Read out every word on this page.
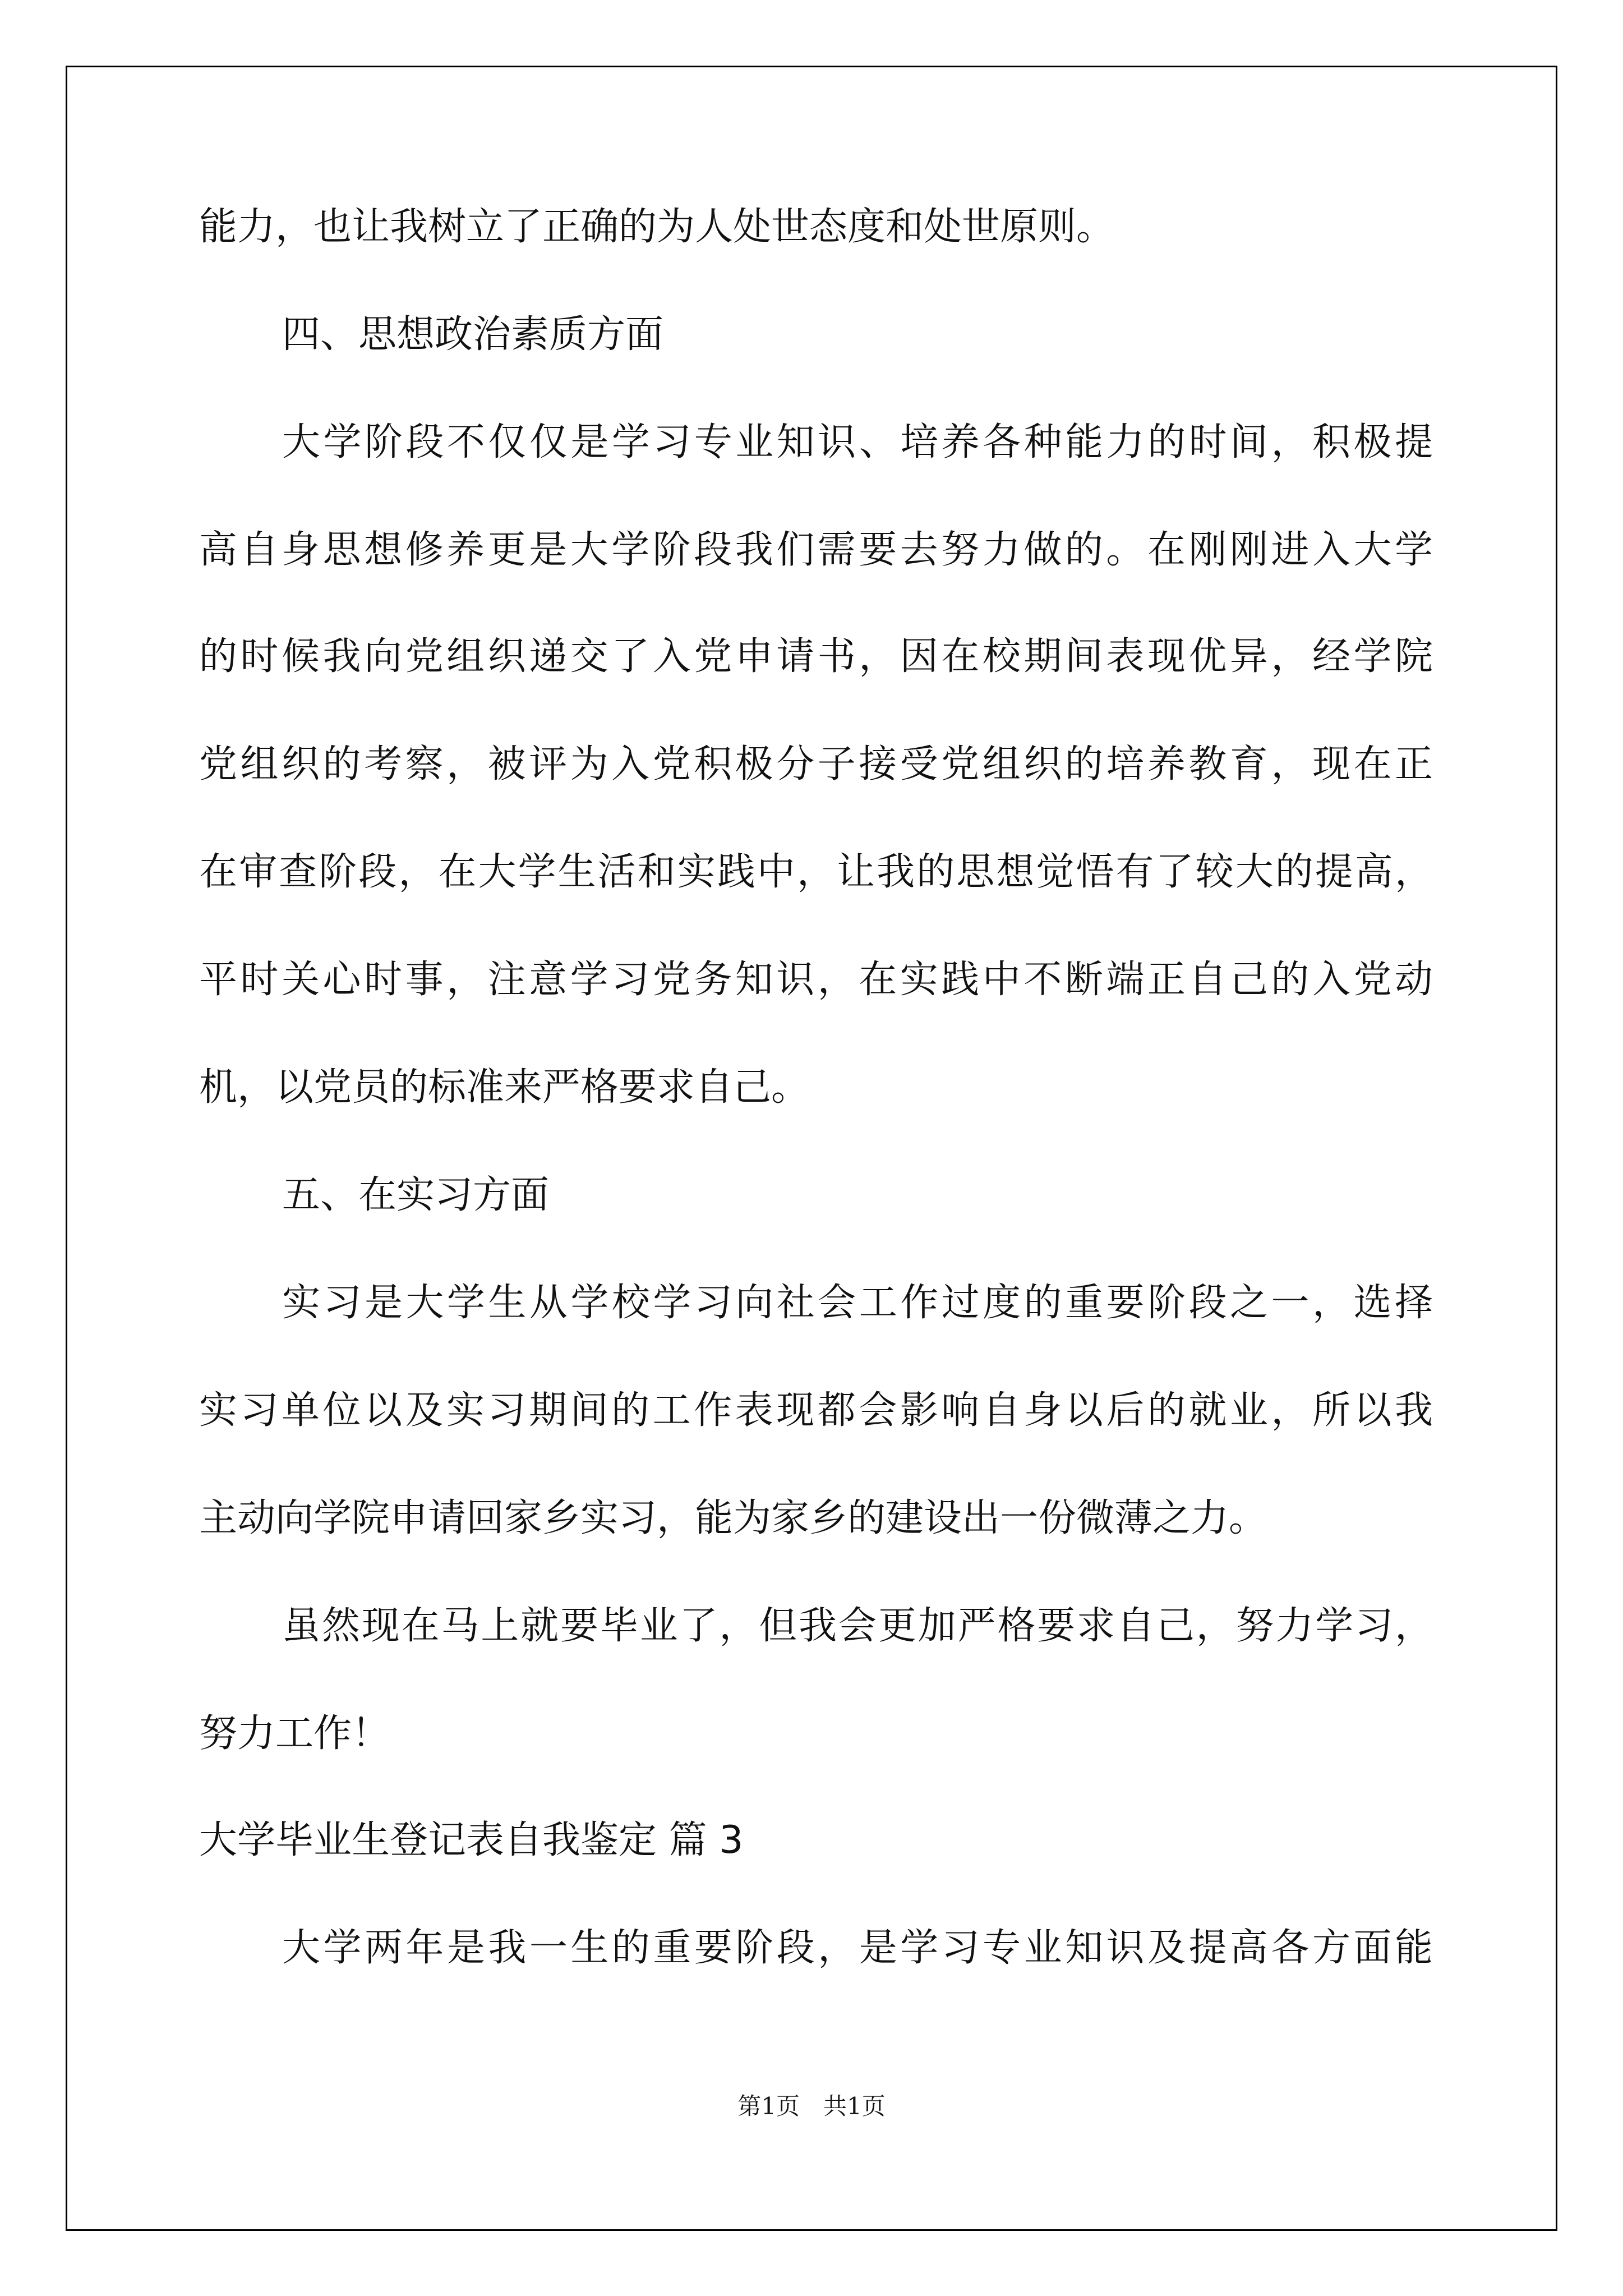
能力，也让我树立了正确的为人处世态度和处世原则。
四、思想政治素质方面
大学阶段不仅仅是学习专业知识、培养各种能力的时间，积极提
高自身思想修养更是大学阶段我们需要去努力做的。在刚刚进入大学
的时候我向党组织递交了入党申请书，因在校期间表现优异，经学院
党组织的考察，被评为入党积极分子接受党组织的培养教育，现在正
在审查阶段，在大学生活和实践中，让我的思想觉悟有了较大的提高，
平时关心时事，注意学习党务知识，在实践中不断端正自己的入党动
机，以党员的标准来严格要求自己。
五、在实习方面
实习是大学生从学校学习向社会工作过度的重要阶段之一，选择
实习单位以及实习期间的工作表现都会影响自身以后的就业，所以我
主动向学院申请回家乡实习，能为家乡的建设出一份微薄之力。
虽然现在马上就要毕业了，但我会更加严格要求自己，努力学习，
努力工作！
大学毕业生登记表自我鉴定 篇 3
大学两年是我一生的重要阶段，是学习专业知识及提高各方面能
第1页　共1页
